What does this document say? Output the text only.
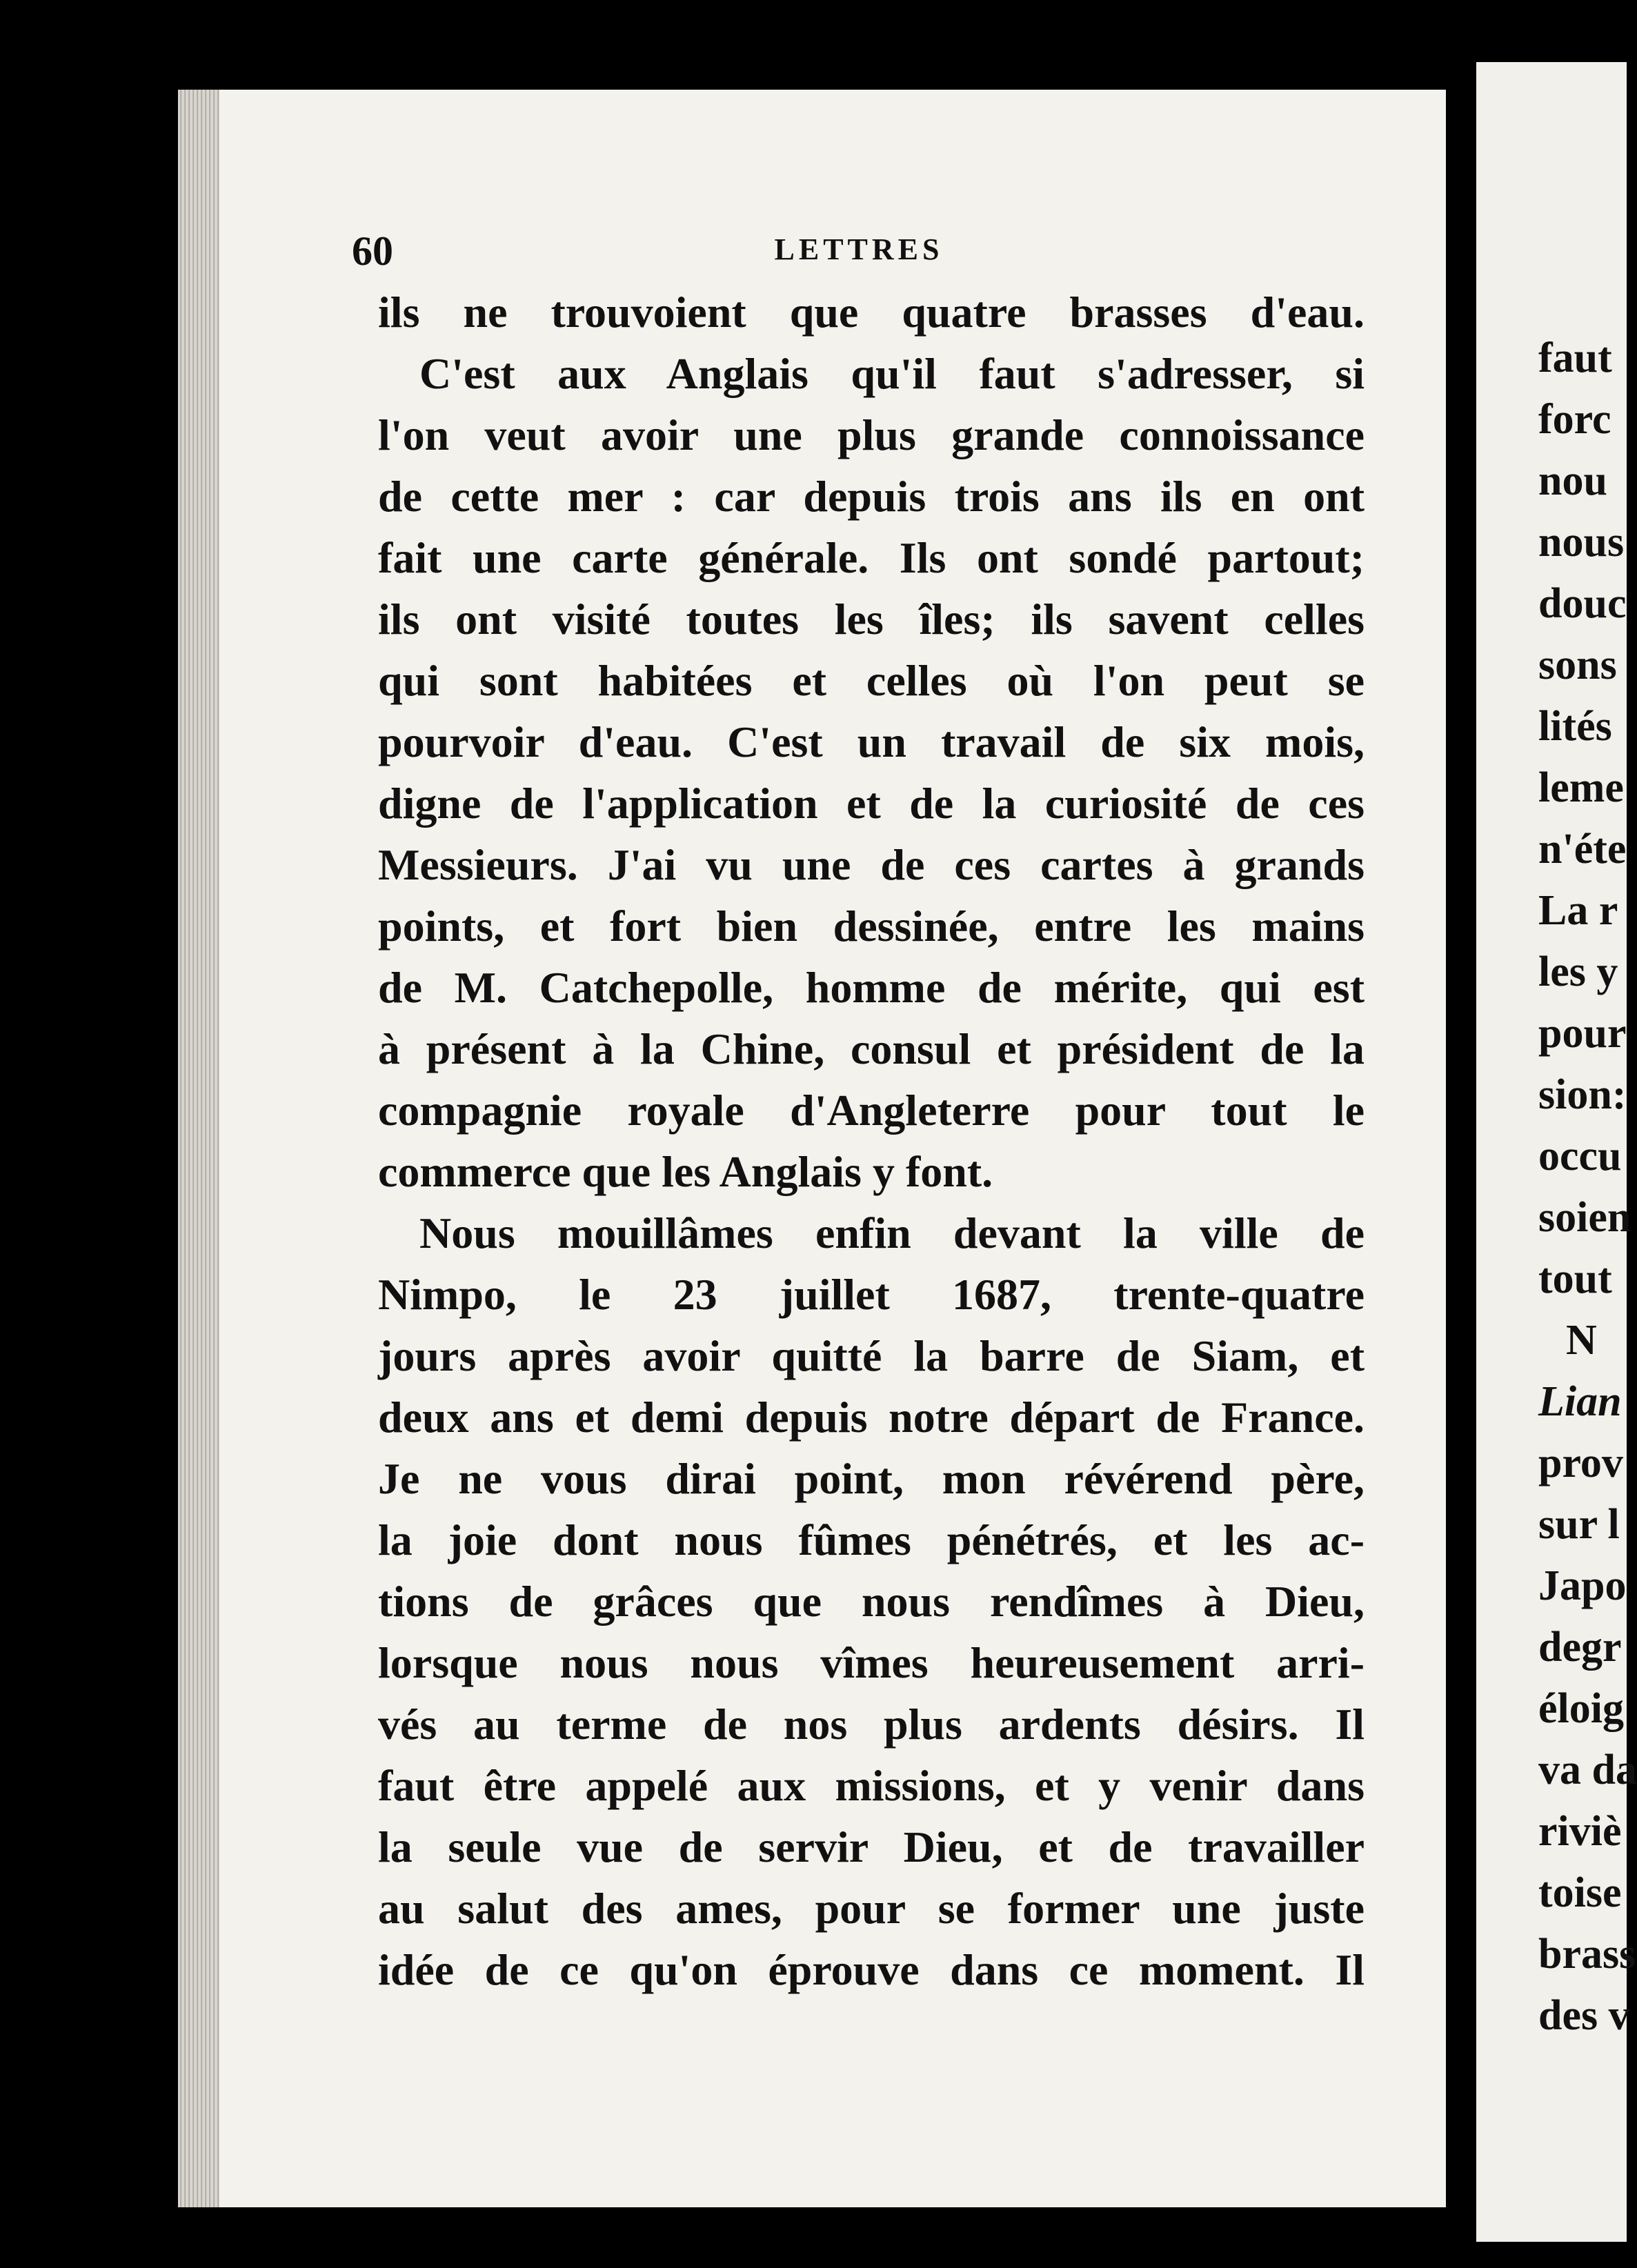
60	LETTRES
ils ne trouvoient que quatre brasses d'eau.
C'est aux Anglais qu'il faut s'adresser, si
l'on veut avoir une plus grande connoissance
de cette mer : car depuis trois ans ils en ont
fait une carte générale. Ils ont sondé partout;
ils ont visité toutes les îles; ils savent celles
qui sont habitées et celles où l'on peut se
pourvoir d'eau. C'est un travail de six mois,
digne de l'application et de la curiosité de ces
Messieurs. J'ai vu une de ces cartes à grands
points, et fort bien dessinée, entre les mains
de M. Catchepolle, homme de mérite, qui est
à présent à la Chine, consul et président de la
compagnie royale d'Angleterre pour tout le
commerce que les Anglais y font.
Nous mouillâmes enfin devant la ville de
Nimpo, le 23 juillet 1687, trente-quatre
jours après avoir quitté la barre de Siam, et
deux ans et demi depuis notre départ de France.
Je ne vous dirai point, mon révérend père,
la joie dont nous fûmes pénétrés, et les ac-
tions de grâces que nous rendîmes à Dieu,
lorsque nous nous vîmes heureusement arri-
vés au terme de nos plus ardents désirs. Il
faut être appelé aux missions, et y venir dans
la seule vue de servir Dieu, et de travailler
au salut des ames, pour se former une juste
idée de ce qu'on éprouve dans ce moment. Il
faut
forc
nou
nous
douc
sons
lités
leme
n'éte
La r
les y
pour
sion:
occu
soien
tout
N
Lian
prov
sur l
Japo
degr
éloig
va da
riviè
toise
brass
des v
